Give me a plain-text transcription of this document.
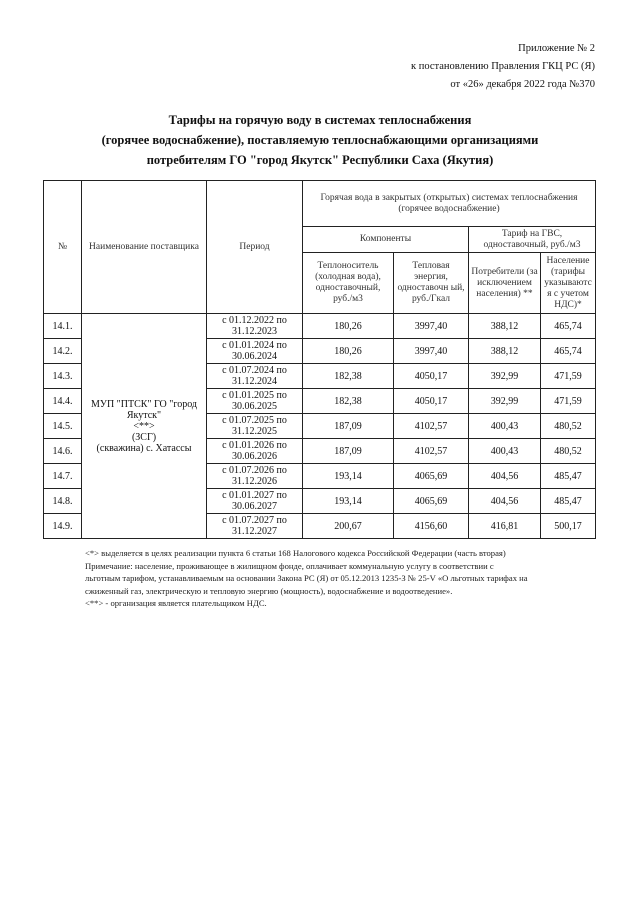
Приложение № 2
к постановлению Правления ГКЦ РС (Я)
от «26» декабря 2022 года №370
Тарифы на горячую воду в системах теплоснабжения
(горячее водоснабжение), поставляемую теплоснабжающими организациями
потребителям ГО "город Якутск" Республики Саха (Якутия)
№	Наименование поставщика	Период	Горячая вода в закрытых (открытых) системах теплоснабжения (горячее водоснабжение)			
			Компоненты		Тариф на ГВС, одноставочный, руб./м3	
			Теплоноситель (холодная вода), одноставочный, руб./м3	Тепловая энергия, одноставочн ый, руб./Гкал	Потребители (за исключением населения) **	Население (тарифы указываютс я с учетом НДС)*
14.1.	МУП "ПТСК" ГО "город Якутск"
<**>
(ЗСГ)
(скважина) с. Хатассы	с 01.12.2022 по 31.12.2023	180,26	3997,40	388,12	465,74
14.2.		с 01.01.2024 по 30.06.2024	180,26	3997,40	388,12	465,74
14.3.		с 01.07.2024 по 31.12.2024	182,38	4050,17	392,99	471,59
14.4.		с 01.01.2025 по 30.06.2025	182,38	4050,17	392,99	471,59
14.5.		с 01.07.2025 по 31.12.2025	187,09	4102,57	400,43	480,52
14.6.		с 01.01.2026 по 30.06.2026	187,09	4102,57	400,43	480,52
14.7.		с 01.07.2026 по 31.12.2026	193,14	4065,69	404,56	485,47
14.8.		с 01.01.2027 по 30.06.2027	193,14	4065,69	404,56	485,47
14.9.		с 01.07.2027 по 31.12.2027	200,67	4156,60	416,81	500,17
<*> выделяется в целях реализации пункта 6 статьи 168 Налогового кодекса Российской Федерации (часть вторая)
Примечание: население, проживающее в жилищном фонде, оплачивает коммунальную услугу в соответствии с
льготным тарифом, устанавливаемым на основании Закона РС (Я) от 05.12.2013 1235-З № 25-V «О льготных тарифах на
сжиженный газ, электрическую и тепловую энергию (мощность), водоснабжение и водоотведение».
<**> - организация является плательщиком НДС.
